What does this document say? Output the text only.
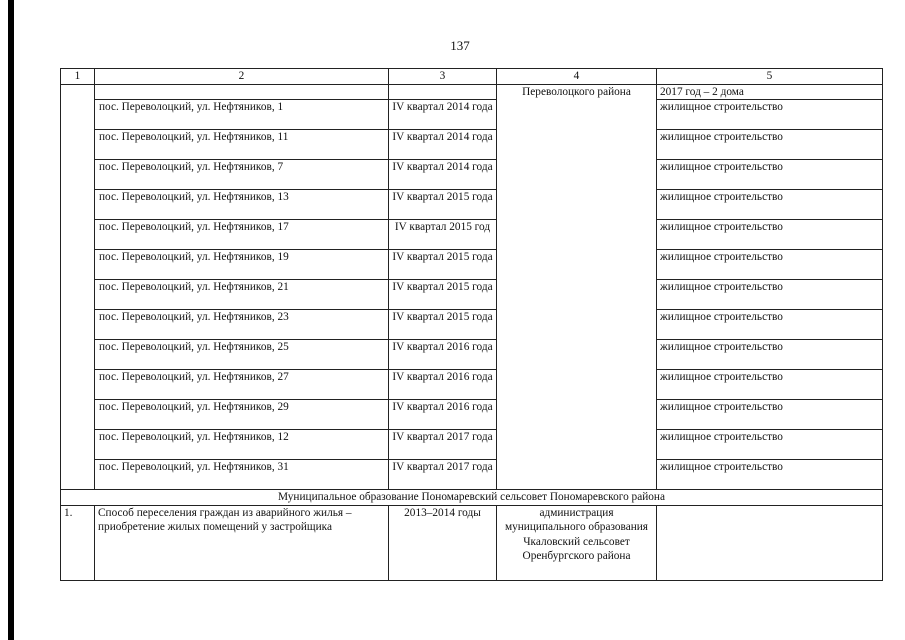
137
1	2	3	4	5
			Переволоцкого района	2017 год – 2 дома
	пос. Переволоцкий, ул. Нефтяников, 1	IV квартал 2014 года		жилищное строительство
	пос. Переволоцкий, ул. Нефтяников, 11	IV квартал 2014 года		жилищное строительство
	пос. Переволоцкий, ул. Нефтяников, 7	IV квартал 2014 года		жилищное строительство
	пос. Переволоцкий, ул. Нефтяников, 13	IV квартал 2015 года		жилищное строительство
	пос. Переволоцкий, ул. Нефтяников, 17	IV квартал 2015 год		жилищное строительство
	пос. Переволоцкий, ул. Нефтяников, 19	IV квартал 2015 года		жилищное строительство
	пос. Переволоцкий, ул. Нефтяников, 21	IV квартал 2015 года		жилищное строительство
	пос. Переволоцкий, ул. Нефтяников, 23	IV квартал 2015 года		жилищное строительство
	пос. Переволоцкий, ул. Нефтяников, 25	IV квартал 2016 года		жилищное строительство
	пос. Переволоцкий, ул. Нефтяников, 27	IV квартал 2016 года		жилищное строительство
	пос. Переволоцкий, ул. Нефтяников, 29	IV квартал 2016 года		жилищное строительство
	пос. Переволоцкий, ул. Нефтяников, 12	IV квартал 2017 года		жилищное строительство
	пос. Переволоцкий, ул. Нефтяников, 31	IV квартал 2017 года		жилищное строительство
Муниципальное образование Пономаревский сельсовет Пономаревского района				
1.	Способ переселения граждан из аварийного жилья – приобретение жилых помещений у застройщика	2013–2014 годы	администрация муниципального образования Чкаловский сельсовет Оренбургского района	
